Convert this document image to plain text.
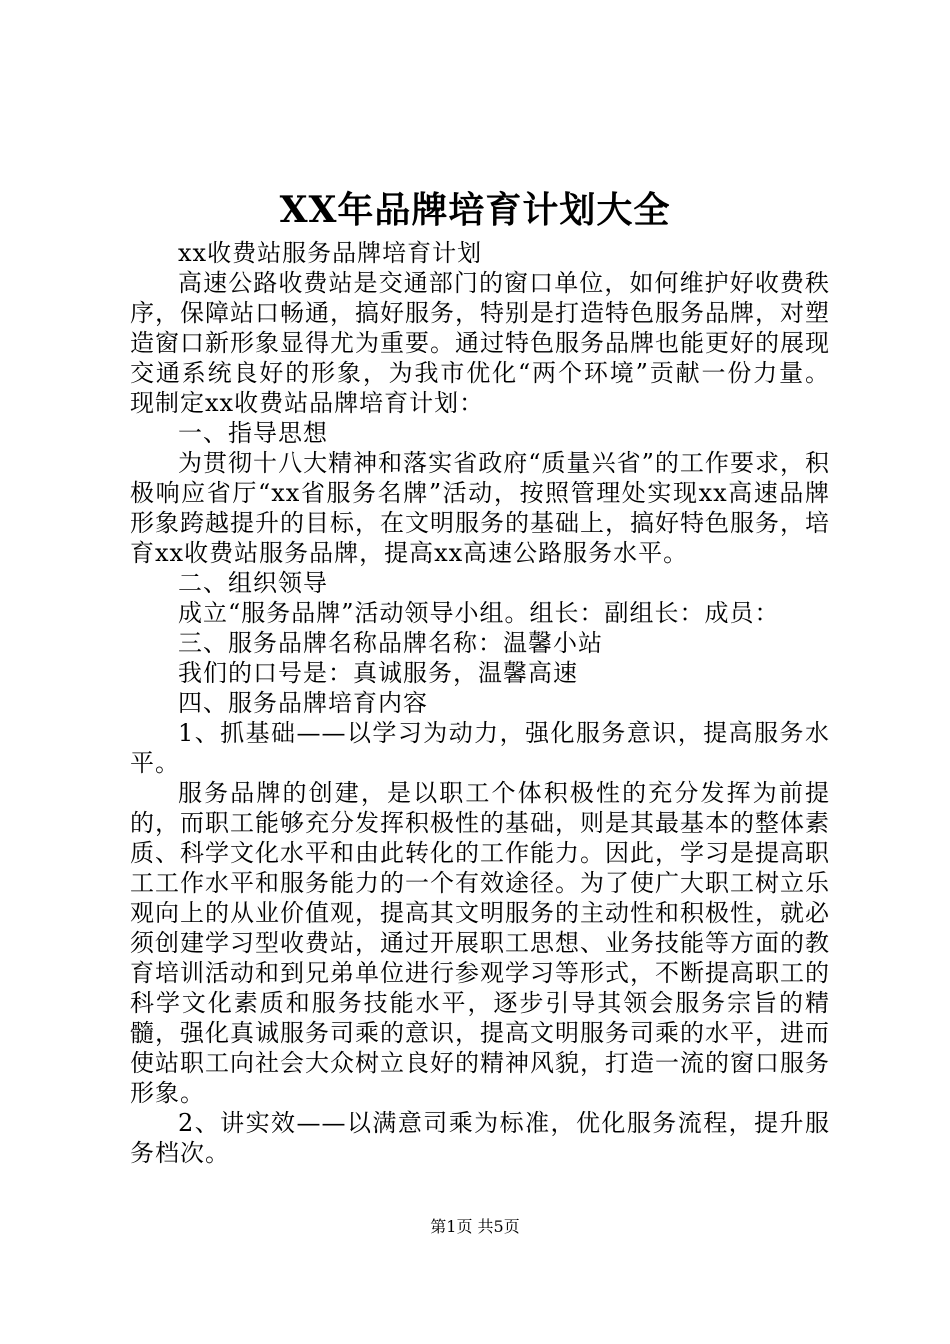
XX年品牌培育计划大全

xx收费站服务品牌培育计划

高速公路收费站是交通部门的窗口单位，如何维护好收费秩序，保障站口畅通，搞好服务，特别是打造特色服务品牌，对塑造窗口新形象显得尤为重要。通过特色服务品牌也能更好的展现交通系统良好的形象，为我市优化“两个环境”贡献一份力量。现制定xx收费站品牌培育计划：

一、指导思想

为贯彻十八大精神和落实省政府“质量兴省”的工作要求，积极响应省厅“xx省服务名牌”活动，按照管理处实现xx高速品牌形象跨越提升的目标，在文明服务的基础上，搞好特色服务，培育xx收费站服务品牌，提高xx高速公路服务水平。

二、组织领导

成立“服务品牌”活动领导小组。组长：副组长：成员：

三、服务品牌名称品牌名称：温馨小站

我们的口号是：真诚服务，温馨高速

四、服务品牌培育内容

1、抓基础——以学习为动力，强化服务意识，提高服务水平。

服务品牌的创建，是以职工个体积极性的充分发挥为前提的，而职工能够充分发挥积极性的基础，则是其最基本的整体素质、科学文化水平和由此转化的工作能力。因此，学习是提高职工工作水平和服务能力的一个有效途径。为了使广大职工树立乐观向上的从业价值观，提高其文明服务的主动性和积极性，就必须创建学习型收费站，通过开展职工思想、业务技能等方面的教育培训活动和到兄弟单位进行参观学习等形式，不断提高职工的科学文化素质和服务技能水平，逐步引导其领会服务宗旨的精髓，强化真诚服务司乘的意识，提高文明服务司乘的水平，进而使站职工向社会大众树立良好的精神风貌，打造一流的窗口服务形象。

2、讲实效——以满意司乘为标准，优化服务流程，提升服务档次。

第1页 共5页
